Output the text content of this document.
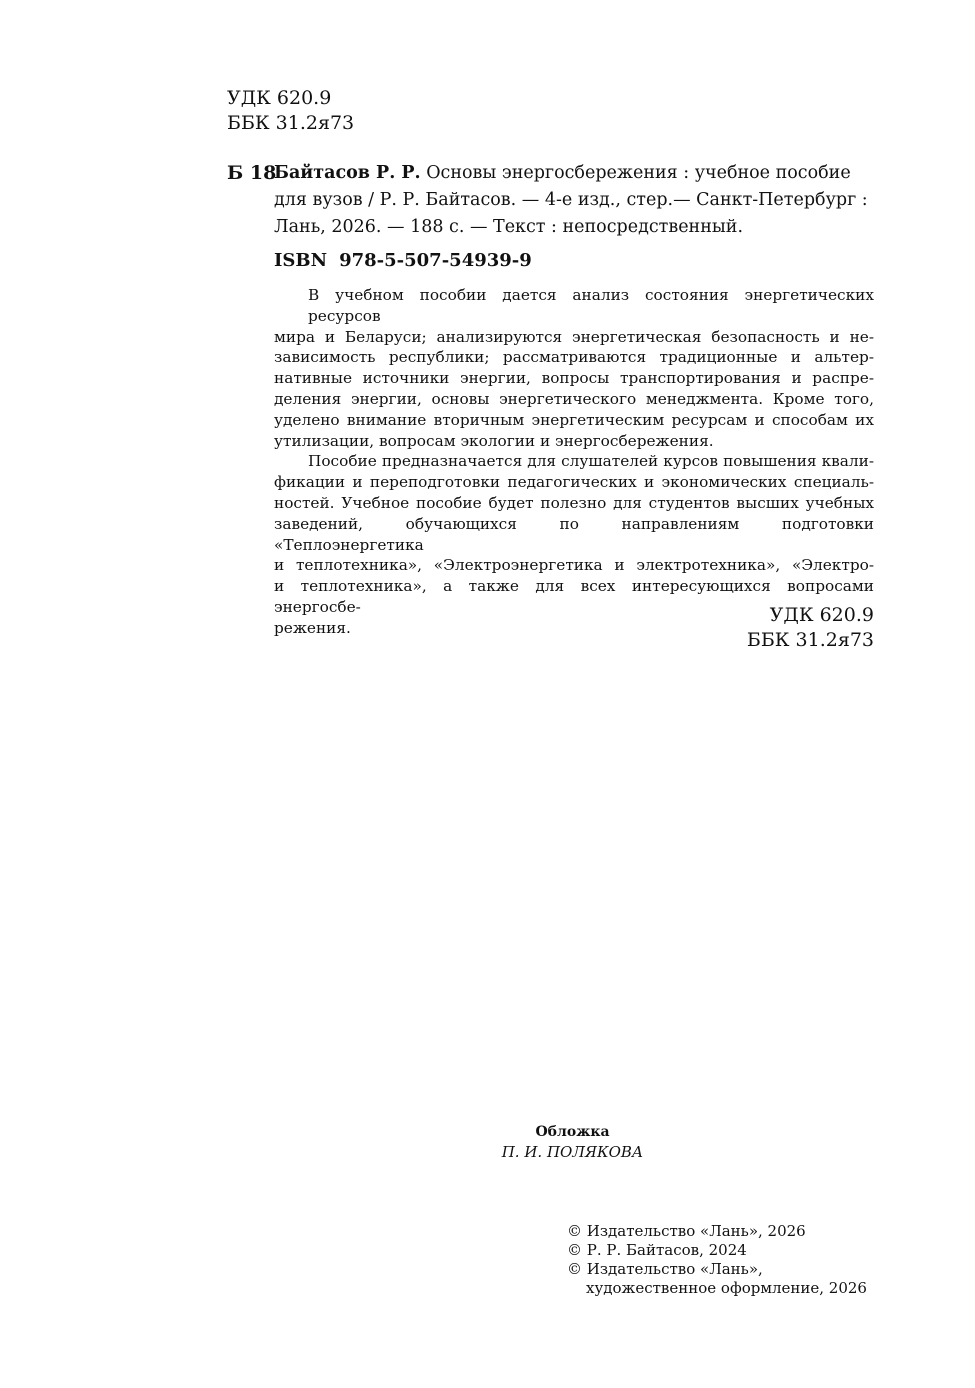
УДК 620.9
ББК 31.2я73
Б 18
Байтасов Р. Р. Основы энергосбережения : учебное пособие
для вузов / Р. Р. Байтасов. — 4-е изд., стер.— Санкт-Петербург :
Лань, 2026. — 188 с. — Текст : непосредственный.
ISBN 978-5-507-54939-9

В учебном пособии дается анализ состояния энергетических ресурсов
мира и Беларуси; анализируются энергетическая безопасность и не-
зависимость республики; рассматриваются традиционные и альтер-
нативные источники энергии, вопросы транспортирования и распре-
деления энергии, основы энергетического менеджмента. Кроме того,
уделено внимание вторичным энергетическим ресурсам и способам их
утилизации, вопросам экологии и энергосбережения.

Пособие предназначается для слушателей курсов повышения квали-
фикации и переподготовки педагогических и экономических специаль-
ностей. Учебное пособие будет полезно для студентов высших учебных
заведений, обучающихся по направлениям подготовки «Теплоэнергетика
и теплотехника», «Электроэнергетика и электротехника», «Электро-
и теплотехника», а также для всех интересующихся вопросами энергосбе-
режения.

УДК 620.9
ББК 31.2я73
Обложка
П. И. ПОЛЯКОВА
© Издательство «Лань», 2026
© Р. Р. Байтасов, 2024
© Издательство «Лань»,
художественное оформление, 2026
